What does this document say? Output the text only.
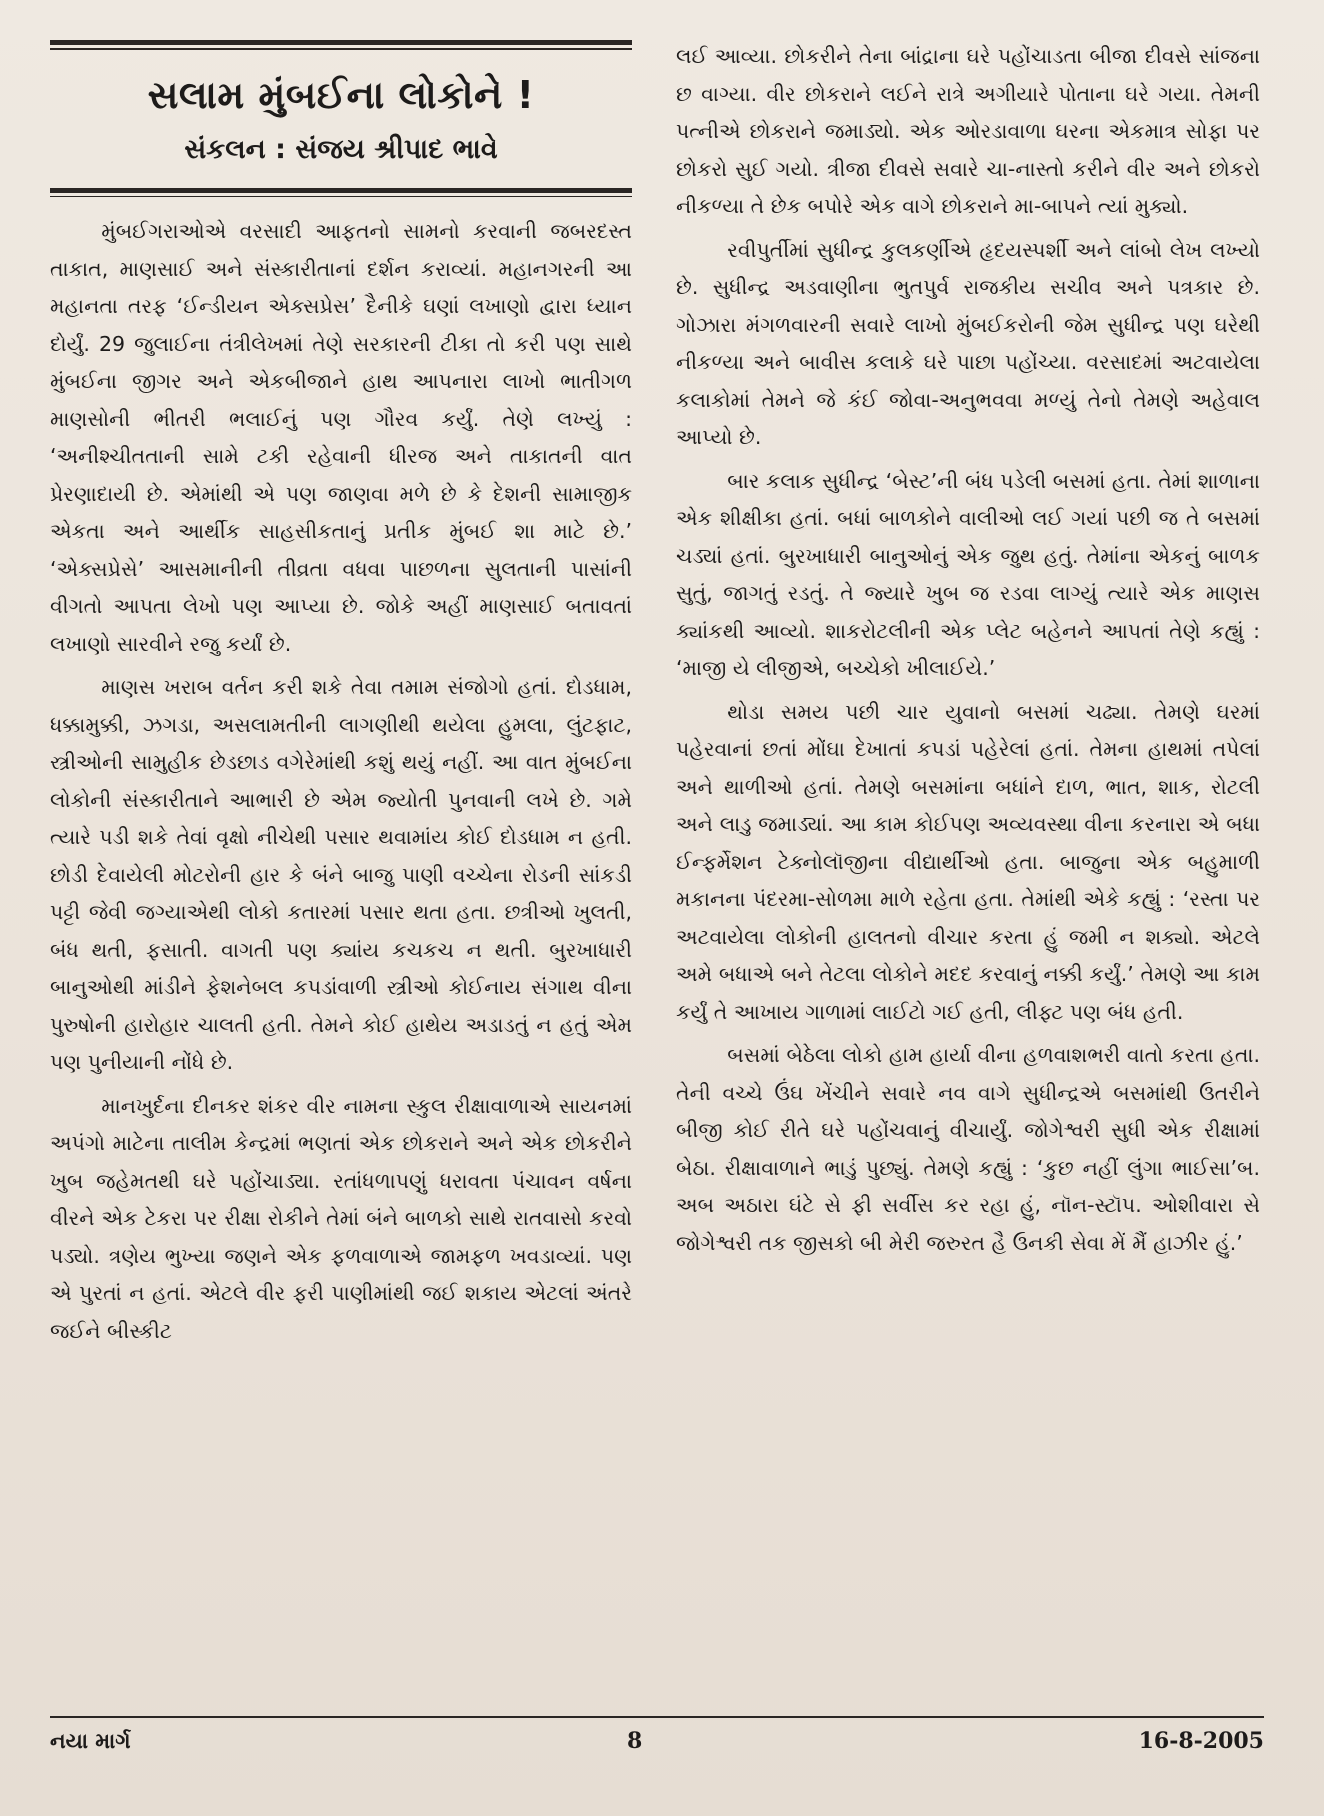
સલામ મુંબઈના લોકોને !
સંકલન : સંજય શ્રીપાદ ભાવે

મુંબઈગરાઓએ વરસાદી આફતનો સામનો કરવાની જબરદસ્ત તાકાત, માણસાઈ અને સંસ્કારીતાનાં દર્શન કરાવ્યાં. મહાનગરની આ મહાનતા તરફ ‘ઈન્ડીયન એક્સપ્રેસ’ દૈનીકે ઘણાં લખાણો દ્વારા ધ્યાન દોર્યું. 29 જુલાઈના તંત્રીલેખમાં તેણે સરકારની ટીકા તો કરી પણ સાથે મુંબઈના જીગર અને એકબીજાને હાથ આપનારા લાખો ભાતીગળ માણસોની ભીતરી ભલાઈનું પણ ગૌરવ કર્યું. તેણે લખ્યું : ‘અનીશ્ચીતતાની સામે ટકી રહેવાની ધીરજ અને તાકાતની વાત પ્રેરણાદાયી છે. એમાંથી એ પણ જાણવા મળે છે કે દેશની સામાજીક એકતા અને આર્થીક સાહસીકતાનું પ્રતીક મુંબઈ શા માટે છે.’ ‘એક્સપ્રેસે’ આસમાનીની તીવ્રતા વધવા પાછળના સુલતાની પાસાંની વીગતો આપતા લેખો પણ આપ્યા છે. જોકે અહીં માણસાઈ બતાવતાં લખાણો સારવીને રજુ કર્યાં છે.

માણસ ખરાબ વર્તન કરી શકે તેવા તમામ સંજોગો હતાં. દોડધામ, ધક્કામુક્કી, ઝગડા, અસલામતીની લાગણીથી થયેલા હુમલા, લુંટફાટ, સ્ત્રીઓની સામુહીક છેડછાડ વગેરેમાંથી કશું થયું નહીં. આ વાત મુંબઈના લોકોની સંસ્કારીતાને આભારી છે એમ જ્યોતી પુનવાની લખે છે. ગમે ત્યારે પડી શકે તેવાં વૃક્ષો નીચેથી પસાર થવામાંય કોઈ દોડધામ ન હતી. છોડી દેવાયેલી મોટરોની હાર કે બંને બાજુ પાણી વચ્ચેના રોડની સાંકડી પટ્ટી જેવી જગ્યાએથી લોકો કતારમાં પસાર થતા હતા. છત્રીઓ ખુલતી, બંધ થતી, ફસાતી. વાગતી પણ ક્યાંય કચકચ ન થતી. બુરખાધારી બાનુઓથી માંડીને ફેશનેબલ કપડાંવાળી સ્ત્રીઓ કોઈનાય સંગાથ વીના પુરુષોની હારોહાર ચાલતી હતી. તેમને કોઈ હાથેય અડાડતું ન હતું એમ પણ પુનીયાની નોંધે છે.

માનખુર્દના દીનકર શંકર વીર નામના સ્કુલ રીક્ષાવાળાએ સાયનમાં અપંગો માટેના તાલીમ કેન્દ્રમાં ભણતાં એક છોકરાને અને એક છોકરીને ખુબ જહેમતથી ઘરે પહોંચાડ્યા. રતાંધળાપણું ધરાવતા પંચાવન વર્ષના વીરને એક ટેકરા પર રીક્ષા રોકીને તેમાં બંને બાળકો સાથે રાતવાસો કરવો પડ્યો. ત્રણેય ભુખ્યા જણને એક ફળવાળાએ જામફળ ખવડાવ્યાં. પણ એ પુરતાં ન હતાં. એટલે વીર ફરી પાણીમાંથી જઈ શકાય એટલાં અંતરે જઈને બીસ્કીટ

લઈ આવ્યા. છોકરીને તેના બાંદ્રાના ઘરે પહોંચાડતા બીજા દીવસે સાંજના છ વાગ્યા. વીર છોકરાને લઈને રાત્રે અગીયારે પોતાના ઘરે ગયા. તેમની પત્નીએ છોકરાને જમાડ્યો. એક ઓરડાવાળા ઘરના એકમાત્ર સોફા પર છોકરો સુઈ ગયો. ત્રીજા દીવસે સવારે ચા-નાસ્તો કરીને વીર અને છોકરો નીકળ્યા તે છેક બપોરે એક વાગે છોકરાને મા-બાપને ત્યાં મુક્યો.

રવીપુર્તીમાં સુધીન્દ્ર કુલકર્ણીએ હૃદયસ્પર્શી અને લાંબો લેખ લખ્યો છે. સુધીન્દ્ર અડવાણીના ભુતપુર્વ રાજકીય સચીવ અને પત્રકાર છે. ગોઝારા મંગળવારની સવારે લાખો મુંબઈકરોની જેમ સુધીન્દ્ર પણ ઘરેથી નીકળ્યા અને બાવીસ કલાકે ઘરે પાછા પહોંચ્યા. વરસાદમાં અટવાયેલા કલાકોમાં તેમને જે કંઈ જોવા-અનુભવવા મળ્યું તેનો તેમણે અહેવાલ આપ્યો છે.

બાર કલાક સુધીન્દ્ર ‘બેસ્ટ’ની બંધ પડેલી બસમાં હતા. તેમાં શાળાના એક શીક્ષીકા હતાં. બધાં બાળકોને વાલીઓ લઈ ગયાં પછી જ તે બસમાં ચડ્યાં હતાં. બુરખાધારી બાનુઓનું એક જુથ હતું. તેમાંના એકનું બાળક સુતું, જાગતું રડતું. તે જ્યારે ખુબ જ રડવા લાગ્યું ત્યારે એક માણસ ક્યાંકથી આવ્યો. શાકરોટલીની એક પ્લેટ બહેનને આપતાં તેણે કહ્યું : ‘માજી યે લીજીએ, બચ્ચેકો ખીલાઈયે.’

થોડા સમય પછી ચાર યુવાનો બસમાં ચઢ્યા. તેમણે ઘરમાં પહેરવાનાં છતાં મોંઘા દેખાતાં કપડાં પહેરેલાં હતાં. તેમના હાથમાં તપેલાં અને થાળીઓ હતાં. તેમણે બસમાંના બધાંને દાળ, ભાત, શાક, રોટલી અને લાડુ જમાડ્યાં. આ કામ કોઈપણ અવ્યવસ્થા વીના કરનારા એ બધા ઈન્ફર્મેશન ટેક્નોલૉજીના વીદ્યાર્થીઓ હતા. બાજુના એક બહુમાળી મકાનના પંદરમા-સોળમા માળે રહેતા હતા. તેમાંથી એકે કહ્યું : ‘રસ્તા પર અટવાયેલા લોકોની હાલતનો વીચાર કરતા હું જમી ન શક્યો. એટલે અમે બધાએ બને તેટલા લોકોને મદદ કરવાનું નક્કી કર્યું.’ તેમણે આ કામ કર્યું તે આખાય ગાળામાં લાઈટો ગઈ હતી, લીફ્ટ પણ બંધ હતી.

બસમાં બેઠેલા લોકો હામ હાર્યા વીના હળવાશભરી વાતો કરતા હતા. તેની વચ્ચે ઉંઘ ખેંચીને સવારે નવ વાગે સુધીન્દ્રએ બસમાંથી ઉતરીને બીજી કોઈ રીતે ઘરે પહોંચવાનું વીચાર્યું. જોગેશ્વરી સુધી એક રીક્ષામાં બેઠા. રીક્ષાવાળાને ભાડું પુછ્યું. તેમણે કહ્યું : ‘કુછ નહીં લુંગા ભાઈસા’બ. અબ અઠારા ઘંટે સે ફી સર્વીસ કર રહા હું, નૉન-સ્ટૉપ. ઓશીવારા સે જોગેશ્વરી તક જીસકો બી મેરી જરુરત હૈ ઉનકી સેવા મેં મૈં હાઝીર હું.’

નયા માર્ગ	8	16-8-2005
